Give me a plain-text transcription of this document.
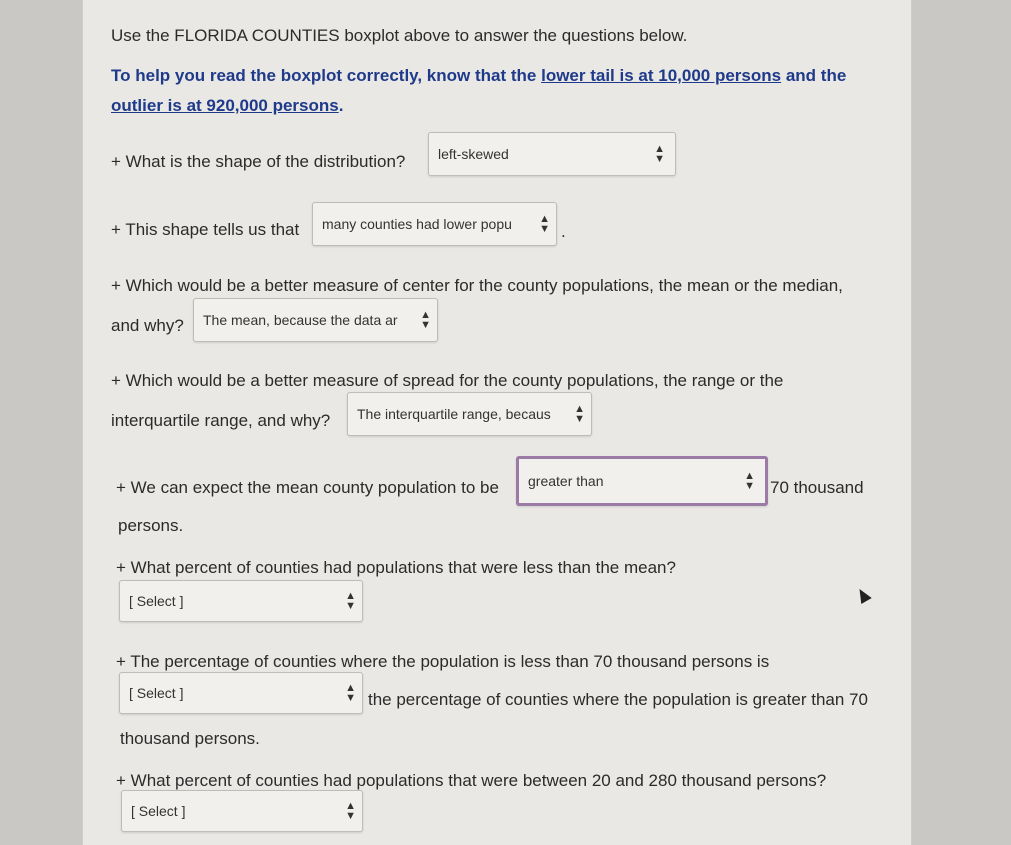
Use the FLORIDA COUNTIES boxplot above to answer the questions below.
To help you read the boxplot correctly, know that the lower tail is at 10,000 persons and the
outlier is at 920,000 persons.
+ What is the shape of the distribution? left-skewed	▲
▼
+ This shape tells us that many counties had lower popu	▲
▼ .
+ Which would be a better measure of center for the county populations, the mean or the median,
and why? The mean, because the data ar	▲
▼
+ Which would be a better measure of spread for the county populations, the range or the
interquartile range, and why? The interquartile range, becaus	▲
▼
+ We can expect the mean county population to be greater than	▲
▼ 70 thousand
persons.
+ What percent of counties had populations that were less than the mean?
[ Select ]	▲
▼
+ The percentage of counties where the population is less than 70 thousand persons is
[ Select ]	▲
▼ the percentage of counties where the population is greater than 70
thousand persons.
+ What percent of counties had populations that were between 20 and 280 thousand persons?
[ Select ]	▲
▼
